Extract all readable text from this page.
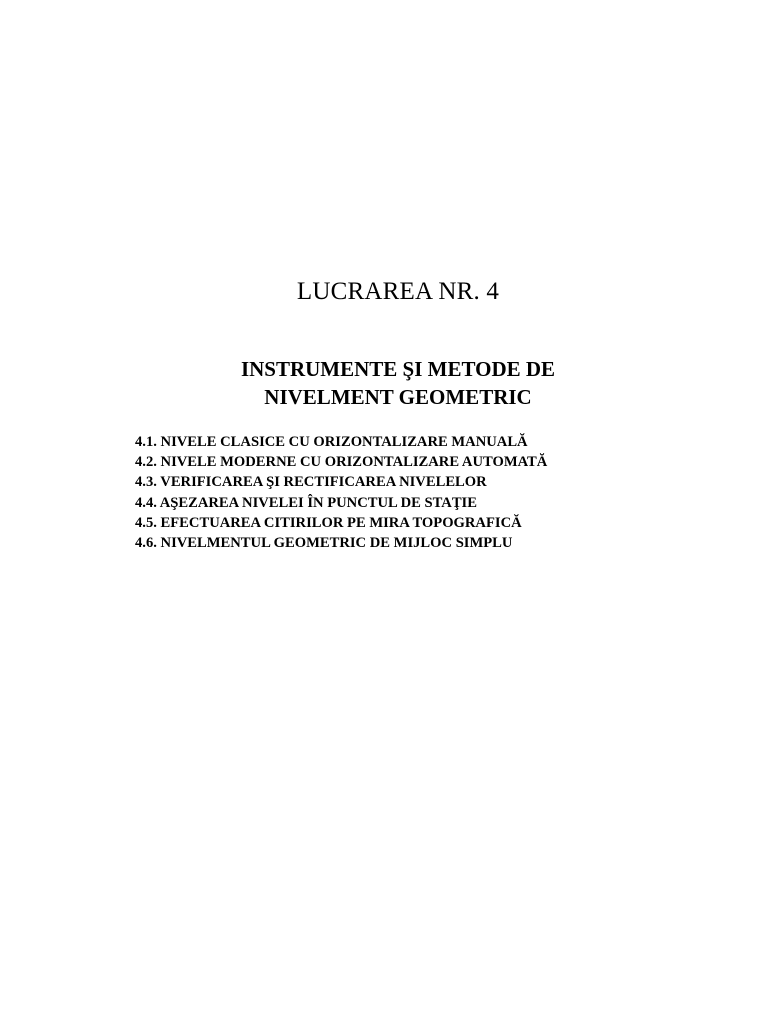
LUCRAREA NR. 4
INSTRUMENTE ŞI METODE DE
NIVELMENT GEOMETRIC
4.1. NIVELE CLASICE CU ORIZONTALIZARE MANUALĂ
4.2. NIVELE MODERNE CU ORIZONTALIZARE AUTOMATĂ
4.3. VERIFICAREA ŞI RECTIFICAREA NIVELELOR
4.4. AŞEZAREA NIVELEI ÎN PUNCTUL DE STAŢIE
4.5. EFECTUAREA CITIRILOR PE MIRA TOPOGRAFICĂ
4.6. NIVELMENTUL GEOMETRIC DE MIJLOC SIMPLU
